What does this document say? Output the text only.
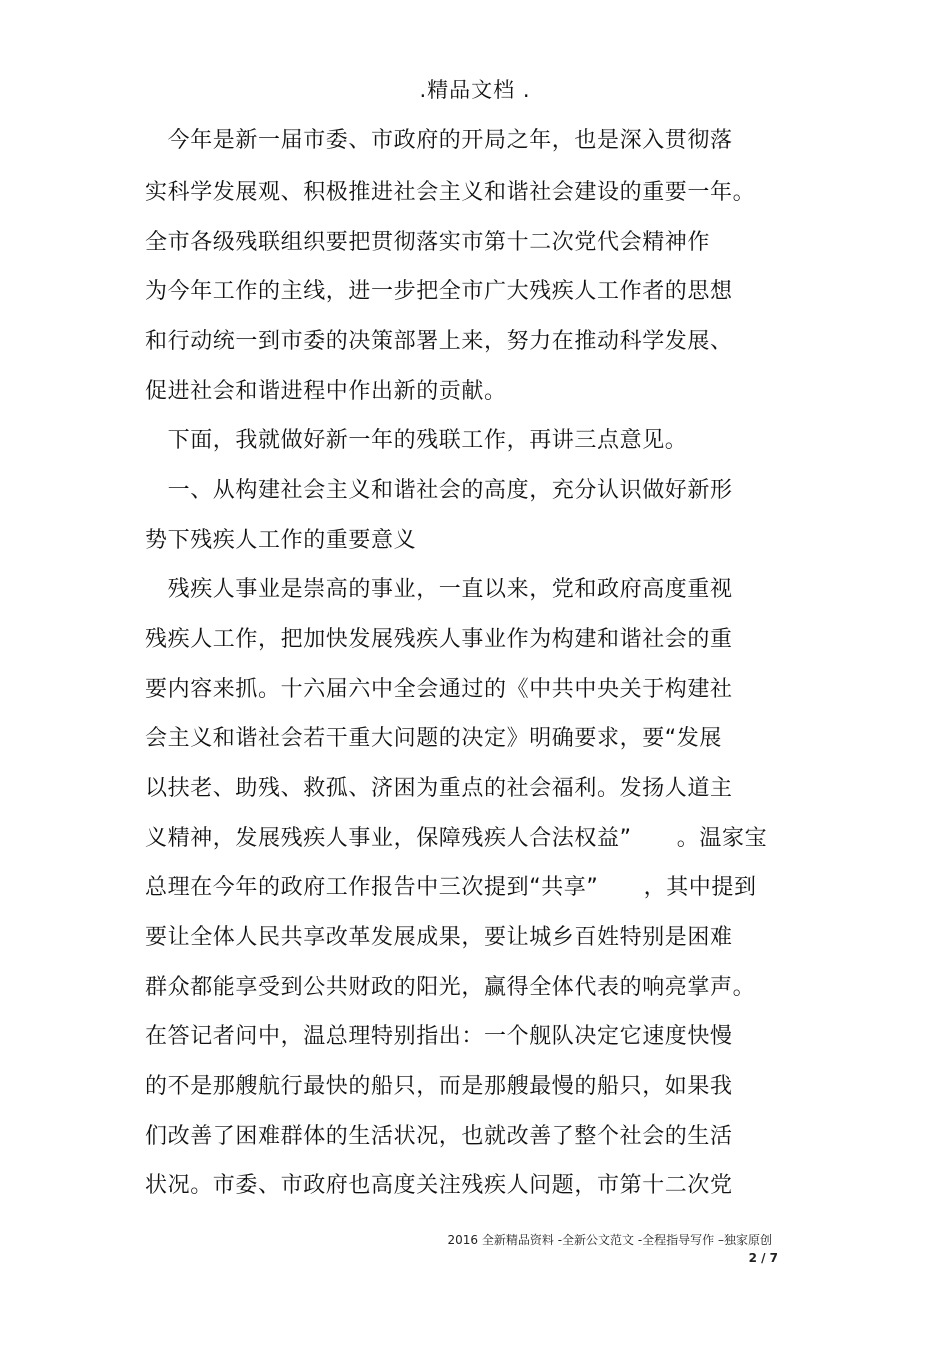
.精品文档 .
　今年是新一届市委、市政府的开局之年，也是深入贯彻落
实科学发展观、积极推进社会主义和谐社会建设的重要一年。
全市各级残联组织要把贯彻落实市第十二次党代会精神作
为今年工作的主线，进一步把全市广大残疾人工作者的思想
和行动统一到市委的决策部署上来，努力在推动科学发展、
促进社会和谐进程中作出新的贡献。
　下面，我就做好新一年的残联工作，再讲三点意见。
　一、从构建社会主义和谐社会的高度，充分认识做好新形
势下残疾人工作的重要意义
　残疾人事业是崇高的事业，一直以来，党和政府高度重视
残疾人工作，把加快发展残疾人事业作为构建和谐社会的重
要内容来抓。十六届六中全会通过的《中共中央关于构建社
会主义和谐社会若干重大问题的决定》明确要求，要“发展
以扶老、助残、救孤、济困为重点的社会福利。发扬人道主
义精神，发展残疾人事业，保障残疾人合法权益”　　。温家宝
总理在今年的政府工作报告中三次提到“共享”　　，其中提到
要让全体人民共享改革发展成果，要让城乡百姓特别是困难
群众都能享受到公共财政的阳光，赢得全体代表的响亮掌声。
在答记者问中，温总理特别指出：一个舰队决定它速度快慢
的不是那艘航行最快的船只，而是那艘最慢的船只，如果我
们改善了困难群体的生活状况，也就改善了整个社会的生活
状况。市委、市政府也高度关注残疾人问题，市第十二次党
2016 全新精品资料 -全新公文范文 -全程指导写作 –独家原创
2 / 7
